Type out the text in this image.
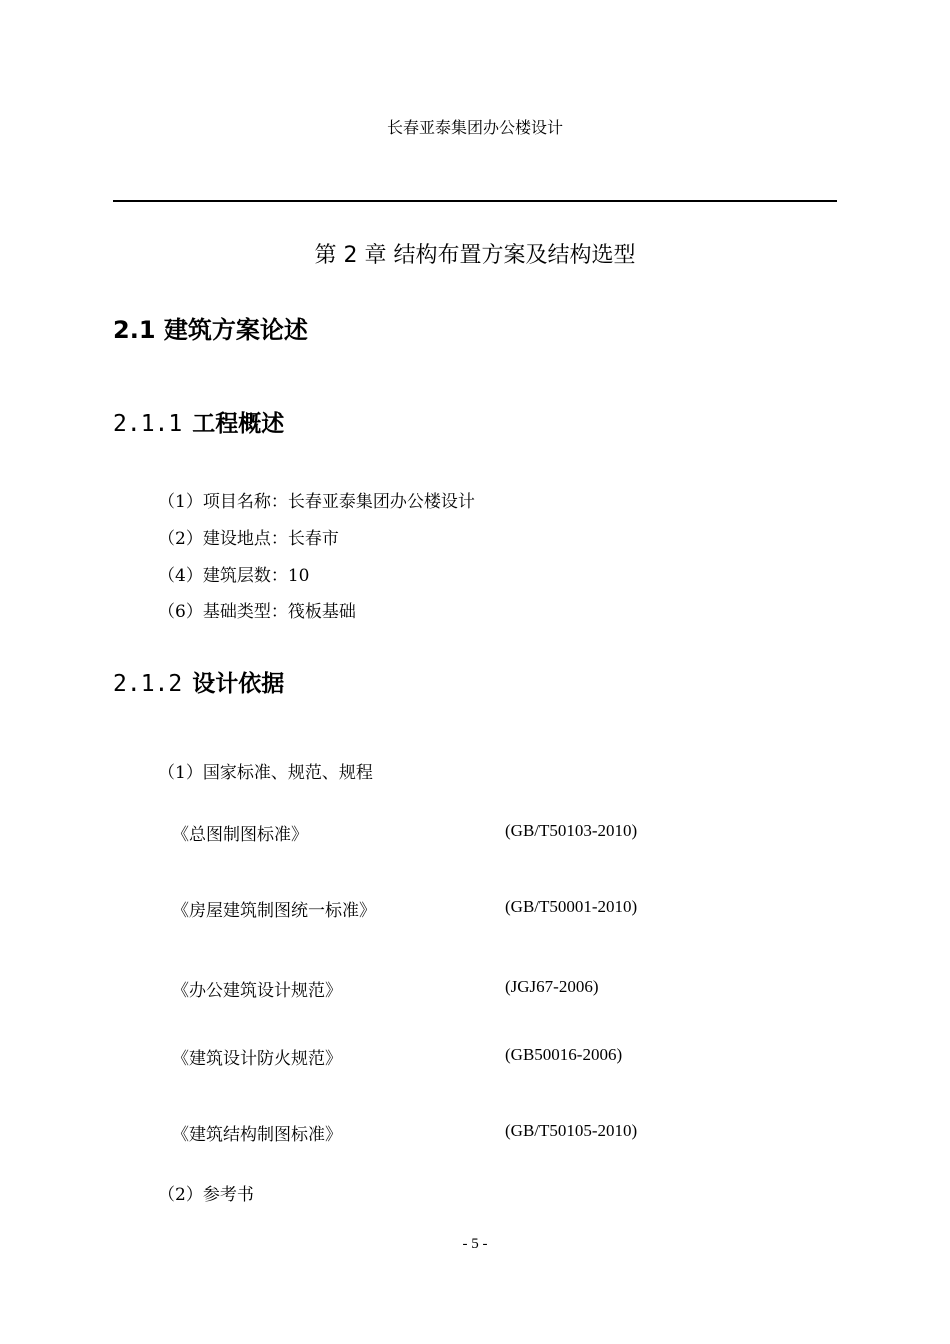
长春亚泰集团办公楼设计
第 2 章 结构布置方案及结构选型
2.1 建筑方案论述
2.1.1 工程概述
（1）项目名称：长春亚泰集团办公楼设计
（2）建设地点：长春市
（4）建筑层数：10
（6）基础类型：筏板基础
2.1.2 设计依据
（1）国家标准、规范、规程
《总图制图标准》	(GB/T50103-2010)
《房屋建筑制图统一标准》	(GB/T50001-2010)
《办公建筑设计规范》	(JGJ67-2006)
《建筑设计防火规范》	(GB50016-2006)
《建筑结构制图标准》	(GB/T50105-2010)
（2）参考书
- 5 -
